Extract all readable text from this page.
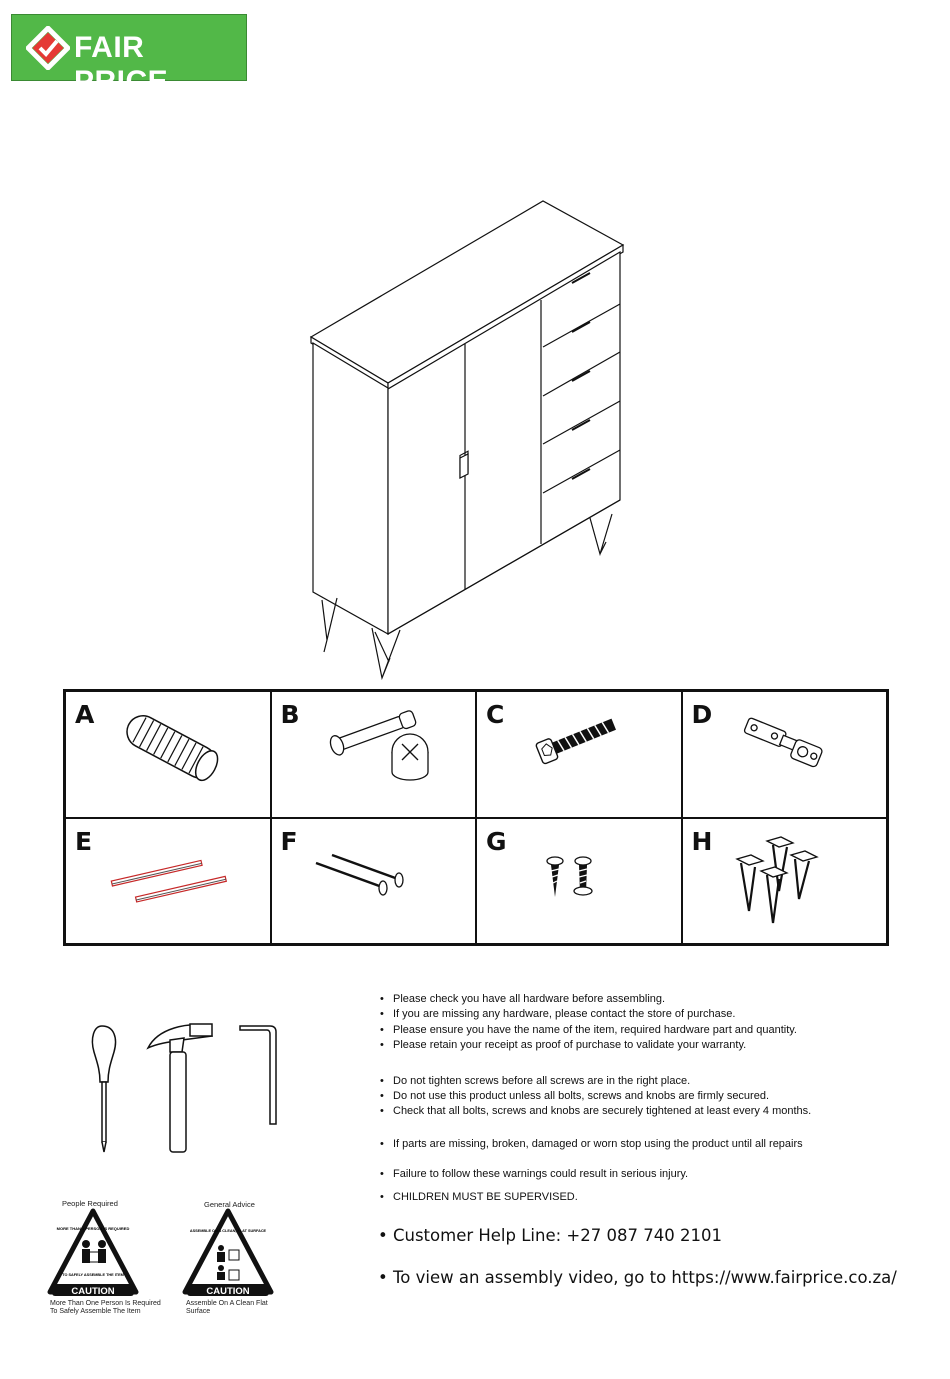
FAIR PRICE
A	B	C	D
E	F	G	H
• Please check you have all hardware before assembling.
• If you are missing any hardware, please contact the store of purchase.
• Please ensure you have the name of the item, required hardware part and quantity.
• Please retain your receipt as proof of purchase to validate your warranty.
• Do not tighten screws before all screws are in the right place.
• Do not use this product unless all bolts, screws and knobs are firmly secured.
• Check that all bolts, screws and knobs are securely tightened at least every 4 months.
• If parts are missing, broken, damaged or worn stop using the product until all repairs
• Failure to follow these warnings could result in serious injury.
• CHILDREN MUST BE SUPERVISED.
• Customer Help Line: +27 087 740 2101
• To view an assembly video, go to https://www.fairprice.co.za/
People Required
CAUTION
MORE THAN 1 PERSON IS REQUIRED
TO SAFELY ASSEMBLE THE ITEM
More Than One Person Is Required To Safely Assemble The Item
General Advice
CAUTION
ASSEMBLE ON A CLEAN, FLAT SURFACE
Assemble On A Clean Flat Surface
